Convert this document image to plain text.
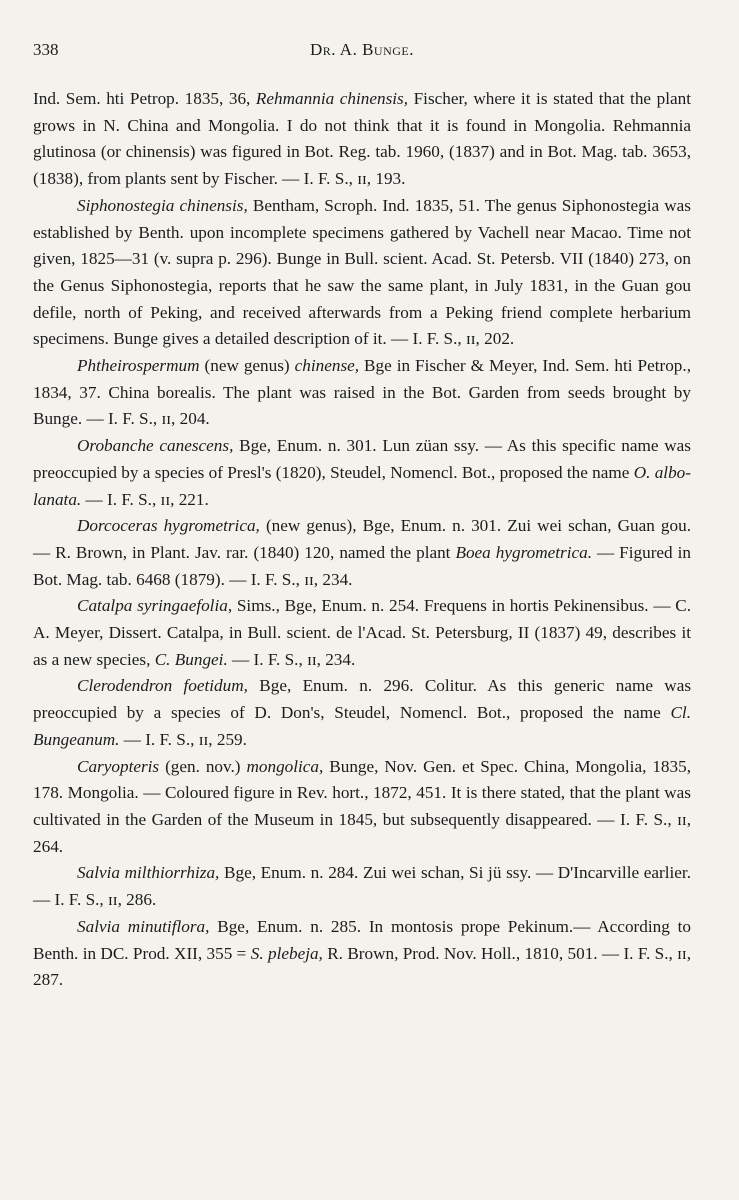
338	Dr. A. Bunge.

Ind. Sem. hti Petrop. 1835, 36, Rehmannia chinensis, Fischer, where it is stated that the plant grows in N. China and Mongolia. I do not think that it is found in Mongolia. Rehmannia glutinosa (or chinensis) was figured in Bot. Reg. tab. 1960, (1837) and in Bot. Mag. tab. 3653, (1838), from plants sent by Fischer. — I. F. S., ɪɪ, 193.

Siphonostegia chinensis, Bentham, Scroph. Ind. 1835, 51. The genus Siphonostegia was established by Benth. upon incomplete specimens gathered by Vachell near Macao. Time not given, 1825—31 (v. supra p. 296). Bunge in Bull. scient. Acad. St. Petersb. VII (1840) 273, on the Genus Siphonostegia, reports that he saw the same plant, in July 1831, in the Guan gou defile, north of Peking, and received afterwards from a Peking friend complete herbarium specimens. Bunge gives a detailed description of it. — I. F. S., ɪɪ, 202.

Phtheirospermum (new genus) chinense, Bge in Fischer & Meyer, Ind. Sem. hti Petrop., 1834, 37. China borealis. The plant was raised in the Bot. Garden from seeds brought by Bunge. — I. F. S., ɪɪ, 204.

Orobanche canescens, Bge, Enum. n. 301. Lun züan ssy. — As this specific name was preoccupied by a species of Presl's (1820), Steudel, Nomencl. Bot., proposed the name O. albo-lanata. — I. F. S., ɪɪ, 221.

Dorcoceras hygrometrica, (new genus), Bge, Enum. n. 301. Zui wei schan, Guan gou. — R. Brown, in Plant. Jav. rar. (1840) 120, named the plant Boea hygrometrica. — Figured in Bot. Mag. tab. 6468 (1879). — I. F. S., ɪɪ, 234.

Catalpa syringaefolia, Sims., Bge, Enum. n. 254. Frequens in hortis Pekinensibus. — C. A. Meyer, Dissert. Catalpa, in Bull. scient. de l'Acad. St. Petersburg, II (1837) 49, describes it as a new species, C. Bungei. — I. F. S., ɪɪ, 234.

Clerodendron foetidum, Bge, Enum. n. 296. Colitur. As this generic name was preoccupied by a species of D. Don's, Steudel, Nomencl. Bot., proposed the name Cl. Bungeanum. — I. F. S., ɪɪ, 259.

Caryopteris (gen. nov.) mongolica, Bunge, Nov. Gen. et Spec. China, Mongolia, 1835, 178. Mongolia. — Coloured figure in Rev. hort., 1872, 451. It is there stated, that the plant was cultivated in the Garden of the Museum in 1845, but subsequently disappeared. — I. F. S., ɪɪ, 264.

Salvia milthiorrhiza, Bge, Enum. n. 284. Zui wei schan, Si jü ssy. — D'Incarville earlier. — I. F. S., ɪɪ, 286.

Salvia minutiflora, Bge, Enum. n. 285. In montosis prope Pekinum.— According to Benth. in DC. Prod. XII, 355 = S. plebeja, R. Brown, Prod. Nov. Holl., 1810, 501. — I. F. S., ɪɪ, 287.
